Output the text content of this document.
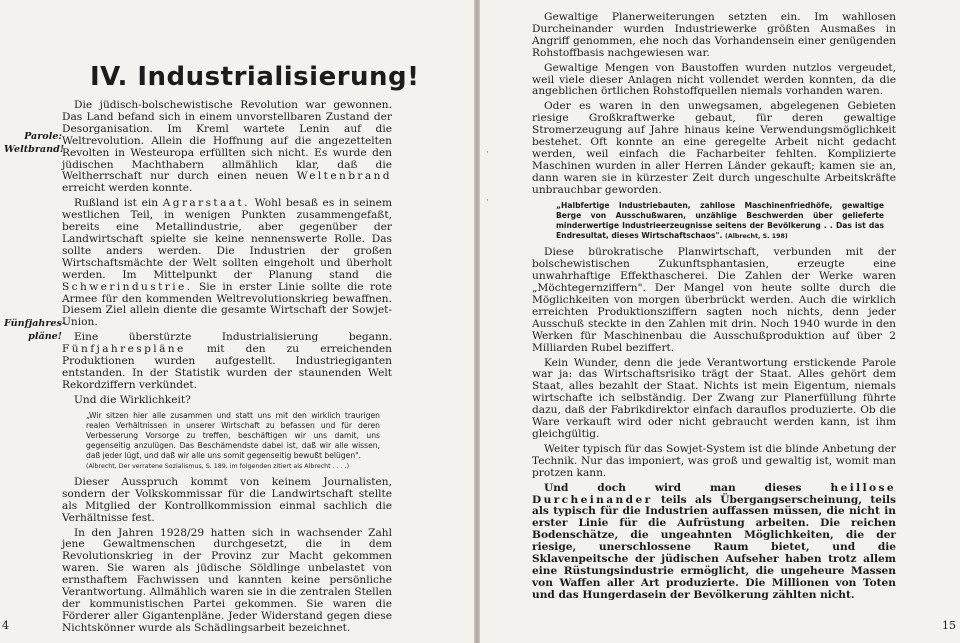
IV. Industrialisierung!
Parole:
Weltbrand!
Fünfjahres-
pläne!

Die jüdisch-bolschewistische Revolution war gewonnen. Das Land befand sich in einem unvorstellbaren Zustand der Desorganisation. Im Kreml wartete Lenin auf die Weltrevolution. Allein die Hoffnung auf die angezettelten Revolten in Westeuropa erfüllten sich nicht. Es wurde den jüdischen Machthabern allmählich klar, daß die Weltherrschaft nur durch einen neuen Weltenbrand erreicht werden konnte.

Rußland ist ein Agrarstaat. Wohl besaß es in seinem westlichen Teil, in wenigen Punkten zusammengefaßt, bereits eine Metallindustrie, aber gegenüber der Landwirtschaft spielte sie keine nennenswerte Rolle. Das sollte anders werden. Die Industrien der großen Wirtschaftsmächte der Welt sollten eingeholt und überholt werden. Im Mittelpunkt der Planung stand die Schwerindustrie. Sie in erster Linie sollte die rote Armee für den kommenden Weltrevolutionskrieg bewaffnen. Diesem Ziel allein diente die gesamte Wirtschaft der Sowjet-Union.

Eine überstürzte Industrialisierung begann. Fünfjahrespläne mit den zu erreichenden Produktionen wurden aufgestellt. Industriegiganten entstanden. In der Statistik wurden der staunenden Welt Rekordziffern verkündet.

Und die Wirklichkeit?

„Wir sitzen hier alle zusammen und statt uns mit den wirklich traurigen realen Verhältnissen in unserer Wirtschaft zu befassen und für deren Verbesserung Vorsorge zu treffen, beschäftigen wir uns damit, uns gegenseitig anzulügen. Das Beschämendste dabei ist, daß wir alle wissen, daß jeder lügt, und daß wir alle uns somit gegenseitig bewußt belügen".
(Albrecht, Der verratene Sozialismus, S. 189, im folgenden zitiert als Albrecht . . . .)

Dieser Ausspruch kommt von keinem Journalisten, sondern der Volkskommissar für die Landwirtschaft stellte als Mitglied der Kontrollkommission einmal sachlich die Verhältnisse fest.

In den Jahren 1928/29 hatten sich in wachsender Zahl jene Gewaltmenschen durchgesetzt, die in dem Revolutionskrieg in der Provinz zur Macht gekommen waren. Sie waren als jüdische Söldlinge unbelastet von ernsthaftem Fachwissen und kannten keine persönliche Verantwortung. Allmählich waren sie in die zentralen Stellen der kommunistischen Partei gekommen. Sie waren die Förderer aller Gigantenpläne. Jeder Widerstand gegen diese Nichtskönner wurde als Schädlingsarbeit bezeichnet.

4
·
·

Gewaltige Planerweiterungen setzten ein. Im wahllosen Durcheinander wurden Industriewerke größten Ausmaßes in Angriff genommen, ehe noch das Vorhandensein einer genügenden Rohstoffbasis nachgewiesen war.

Gewaltige Mengen von Baustoffen wurden nutzlos vergeudet, weil viele dieser Anlagen nicht vollendet werden konnten, da die angeblichen örtlichen Rohstoffquellen niemals vorhanden waren.

Oder es waren in den unwegsamen, abgelegenen Gebieten riesige Großkraftwerke gebaut, für deren gewaltige Stromerzeugung auf Jahre hinaus keine Verwendungsmöglichkeit bestehet. Oft konnte an eine geregelte Arbeit nicht gedacht werden, weil einfach die Facharbeiter fehlten. Komplizierte Maschinen wurden in aller Herren Länder gekauft; kamen sie an, dann waren sie in kürzester Zeit durch ungeschulte Arbeitskräfte unbrauchbar geworden.

„Halbfertige Industriebauten, zahllose Maschinenfriedhöfe, gewaltige Berge von Ausschußwaren, unzählige Beschwerden über gelieferte minderwertige Industrieerzeugnisse seitens der Bevölkerung . . Das ist das Endresultat, dieses Wirtschaftschaos". (Albrecht, S. 198)

Diese bürokratische Planwirtschaft, verbunden mit der bolschewistischen Zukunftsphantasien, erzeugte eine unwahrhaftige Effekthascherei. Die Zahlen der Werke waren „Möchtegernziffern". Der Mangel von heute sollte durch die Möglichkeiten von morgen überbrückt werden. Auch die wirklich erreichten Produktionsziffern sagten noch nichts, denn jeder Ausschuß steckte in den Zahlen mit drin. Noch 1940 wurde in den Werken für Maschinenbau die Ausschußproduktion auf über 2 Milliarden Rubel beziffert.

Kein Wunder, denn die jede Verantwortung erstickende Parole war ja: das Wirtschaftsrisiko trägt der Staat. Alles gehört dem Staat, alles bezahlt der Staat. Nichts ist mein Eigentum, niemals wirtschafte ich selbständig. Der Zwang zur Planerfüllung führte dazu, daß der Fabrikdirektor einfach darauflos produzierte. Ob die Ware verkauft wird oder nicht gebraucht werden kann, ist ihm gleichgültig.

Weiter typisch für das Sowjet-System ist die blinde Anbetung der Technik. Nur das imponiert, was groß und gewaltig ist, womit man protzen kann.

Und doch wird man dieses	heillose Durcheinander teils als Übergangserscheinung, teils als typisch für die Industrien auffassen müssen, die nicht in erster Linie für die Aufrüstung arbeiten. Die reichen Bodenschätze, die ungeahnten Möglichkeiten, die der riesige, unerschlossene Raum bietet, und die Sklavenpeitsche der jüdischen Aufseher haben trotz allem eine Rüstungsindustrie ermöglicht, die ungeheure Massen von Waffen aller Art produzierte. Die Millionen von Toten und das Hungerdasein der Bevölkerung zählten nicht.

15
